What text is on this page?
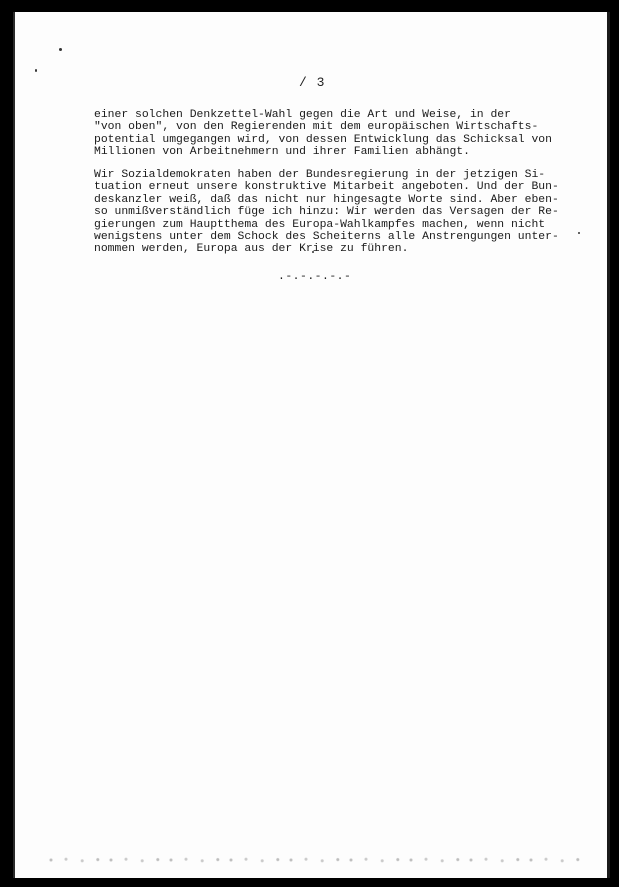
/ 3
einer solchen Denkzettel-Wahl gegen die Art und Weise, in der
"von oben", von den Regierenden mit dem europäischen Wirtschafts-
potential umgegangen wird, von dessen Entwicklung das Schicksal von
Millionen von Arbeitnehmern und ihrer Familien abhängt.
Wir Sozialdemokraten haben der Bundesregierung in der jetzigen Si-
tuation erneut unsere konstruktive Mitarbeit angeboten. Und der Bun-
deskanzler weiß, daß das nicht nur hingesagte Worte sind. Aber eben-
so unmißverständlich füge ich hinzu: Wir werden das Versagen der Re-
gierungen zum Hauptthema des Europa-Wahlkampfes machen, wenn nicht
wenigstens unter dem Schock des Scheiterns alle Anstrengungen unter-
nommen werden, Europa aus der Krise zu führen.
.-.-.-.-.-
